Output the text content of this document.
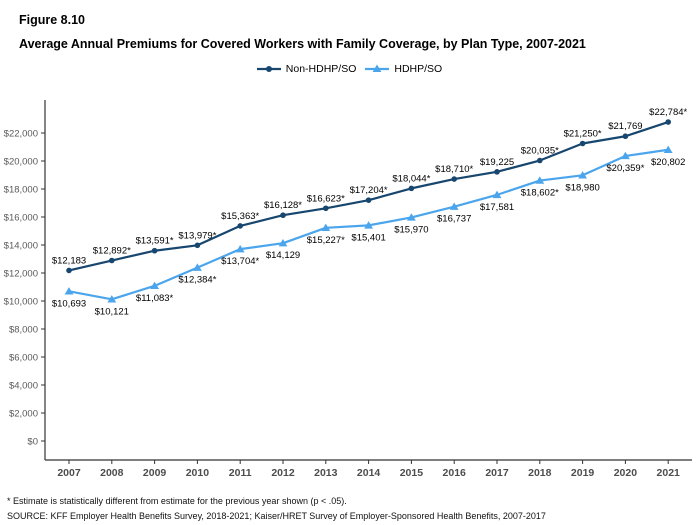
Figure 8.10
Average Annual Premiums for Covered Workers with Family Coverage, by Plan Type, 2007-2021
Non-HDHP/SO	HDHP/SO
$0
$2,000
$4,000
$6,000
$8,000
$10,000
$12,000
$14,000
$16,000
$18,000
$20,000
$22,000
2007 2008 2009 2010 2011 2012 2013 2014 2015 2016 2017 2018 2019 2020 2021
$12,183
$12,892*
$13,591* $13,979*
$15,363*
$16,128*
$16,623*
$17,204*
$18,044*
$18,710*
$19,225
$20,035*
$21,250*
$21,769
$22,784*
$10,693
$10,121
$11,083*
$12,384*
$13,704*
$14,129
$15,227* $15,401
$15,970
$16,737
$17,581
$18,602* $18,980
$20,359*
$20,802
* Estimate is statistically different from estimate for the previous year shown (p < .05).
SOURCE: KFF Employer Health Benefits Survey, 2018-2021; Kaiser/HRET Survey of Employer-Sponsored Health Benefits, 2007-2017
